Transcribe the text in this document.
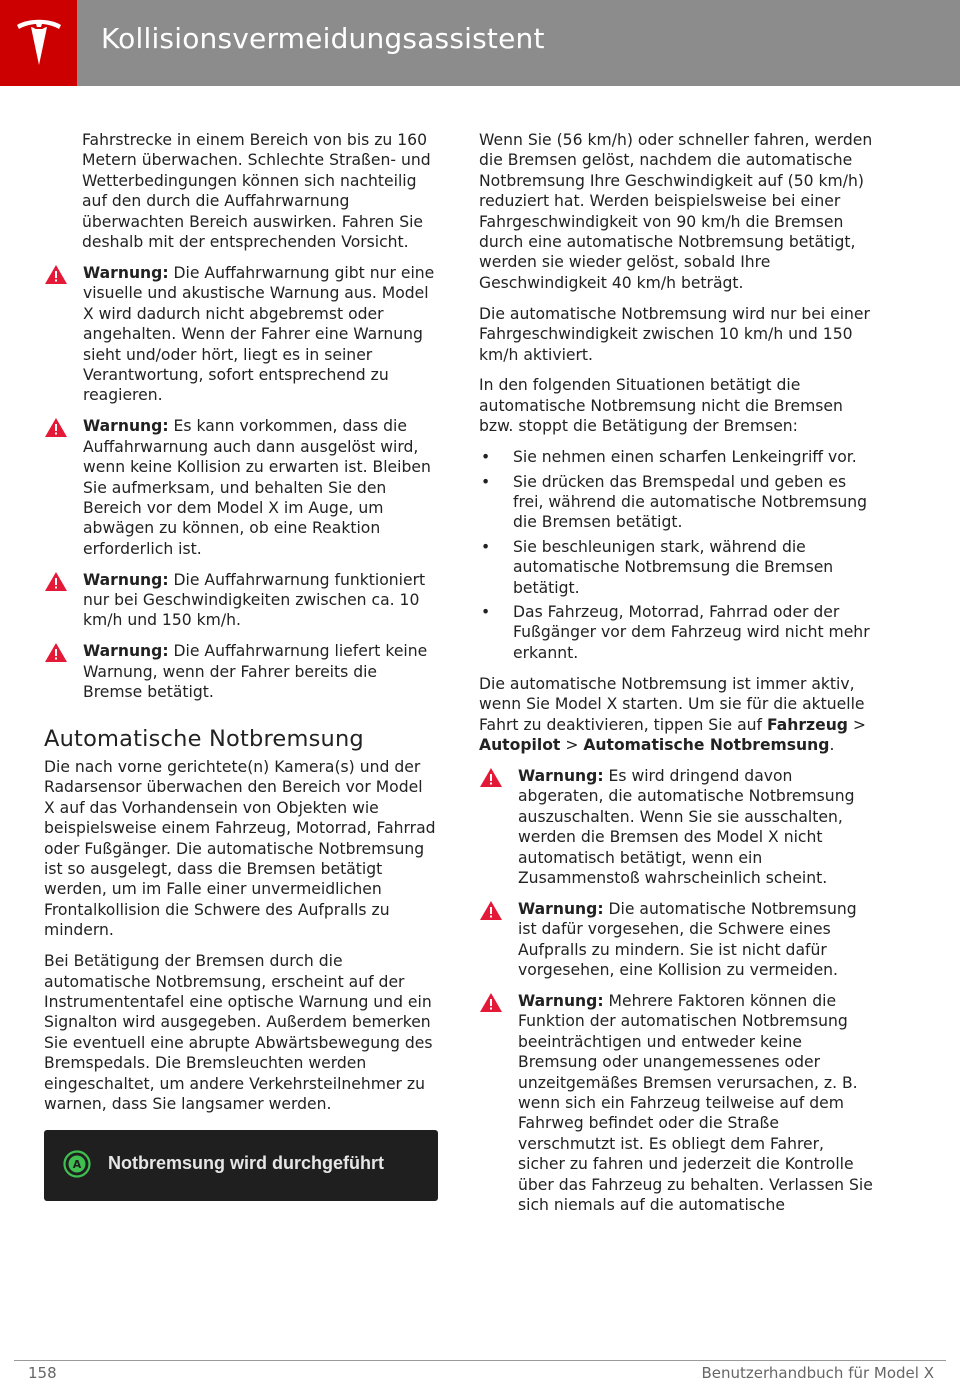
Kollisionsvermeidungsassistent

Fahrstrecke in einem Bereich von bis zu 160 Metern überwachen. Schlechte Straßen- und Wetterbedingungen können sich nachteilig auf den durch die Auffahrwarnung überwachten Bereich auswirken. Fahren Sie deshalb mit der entsprechenden Vorsicht.

Warnung: Die Auffahrwarnung gibt nur eine visuelle und akustische Warnung aus. Model X wird dadurch nicht abgebremst oder angehalten. Wenn der Fahrer eine Warnung sieht und/oder hört, liegt es in seiner Verantwortung, sofort entsprechend zu reagieren.
Warnung: Es kann vorkommen, dass die Auffahrwarnung auch dann ausgelöst wird, wenn keine Kollision zu erwarten ist. Bleiben Sie aufmerksam, und behalten Sie den Bereich vor dem Model X im Auge, um abwägen zu können, ob eine Reaktion erforderlich ist.
Warnung: Die Auffahrwarnung funktioniert nur bei Geschwindigkeiten zwischen ca. 10 km/h und 150 km/h.
Warnung: Die Auffahrwarnung liefert keine Warnung, wenn der Fahrer bereits die Bremse betätigt.
Automatische Notbremsung

Die nach vorne gerichtete(n) Kamera(s) und der Radarsensor überwachen den Bereich vor Model X auf das Vorhandensein von Objekten wie beispielsweise einem Fahrzeug, Motorrad, Fahrrad oder Fußgänger. Die automatische Notbremsung ist so ausgelegt, dass die Bremsen betätigt werden, um im Falle einer unvermeidlichen Frontalkollision die Schwere des Aufpralls zu mindern.

Bei Betätigung der Bremsen durch die automatische Notbremsung, erscheint auf der Instrumententafel eine optische Warnung und ein Signalton wird ausgegeben. Außerdem bemerken Sie eventuell eine abrupte Abwärtsbewegung des Bremspedals. Die Bremsleuchten werden eingeschaltet, um andere Verkehrsteilnehmer zu warnen, dass Sie langsamer werden.

A Notbremsung wird durchgeführt

Wenn Sie (56 km/h) oder schneller fahren, werden die Bremsen gelöst, nachdem die automatische Notbremsung Ihre Geschwindigkeit auf (50 km/h) reduziert hat. Werden beispielsweise bei einer Fahrgeschwindigkeit von 90 km/h die Bremsen durch eine automatische Notbremsung betätigt, werden sie wieder gelöst, sobald Ihre Geschwindigkeit 40 km/h beträgt.

Die automatische Notbremsung wird nur bei einer Fahrgeschwindigkeit zwischen 10 km/h und 150 km/h aktiviert.

In den folgenden Situationen betätigt die automatische Notbremsung nicht die Bremsen bzw. stoppt die Betätigung der Bremsen:

• Sie nehmen einen scharfen Lenkeingriff vor.
• Sie drücken das Bremspedal und geben es frei, während die automatische Notbremsung die Bremsen betätigt.
• Sie beschleunigen stark, während die automatische Notbremsung die Bremsen betätigt.
• Das Fahrzeug, Motorrad, Fahrrad oder der Fußgänger vor dem Fahrzeug wird nicht mehr erkannt.

Die automatische Notbremsung ist immer aktiv, wenn Sie Model X starten. Um sie für die aktuelle Fahrt zu deaktivieren, tippen Sie auf Fahrzeug > Autopilot > Automatische Notbremsung.

Warnung: Es wird dringend davon abgeraten, die automatische Notbremsung auszuschalten. Wenn Sie sie ausschalten, werden die Bremsen des Model X nicht automatisch betätigt, wenn ein Zusammenstoß wahrscheinlich scheint.
Warnung: Die automatische Notbremsung ist dafür vorgesehen, die Schwere eines Aufpralls zu mindern. Sie ist nicht dafür vorgesehen, eine Kollision zu vermeiden.
Warnung: Mehrere Faktoren können die Funktion der automatischen Notbremsung beeinträchtigen und entweder keine Bremsung oder unangemessenes oder unzeitgemäßes Bremsen verursachen, z. B. wenn sich ein Fahrzeug teilweise auf dem Fahrweg befindet oder die Straße verschmutzt ist. Es obliegt dem Fahrer, sicher zu fahren und jederzeit die Kontrolle über das Fahrzeug zu behalten. Verlassen Sie sich niemals auf die automatische
158	Benutzerhandbuch für Model X
